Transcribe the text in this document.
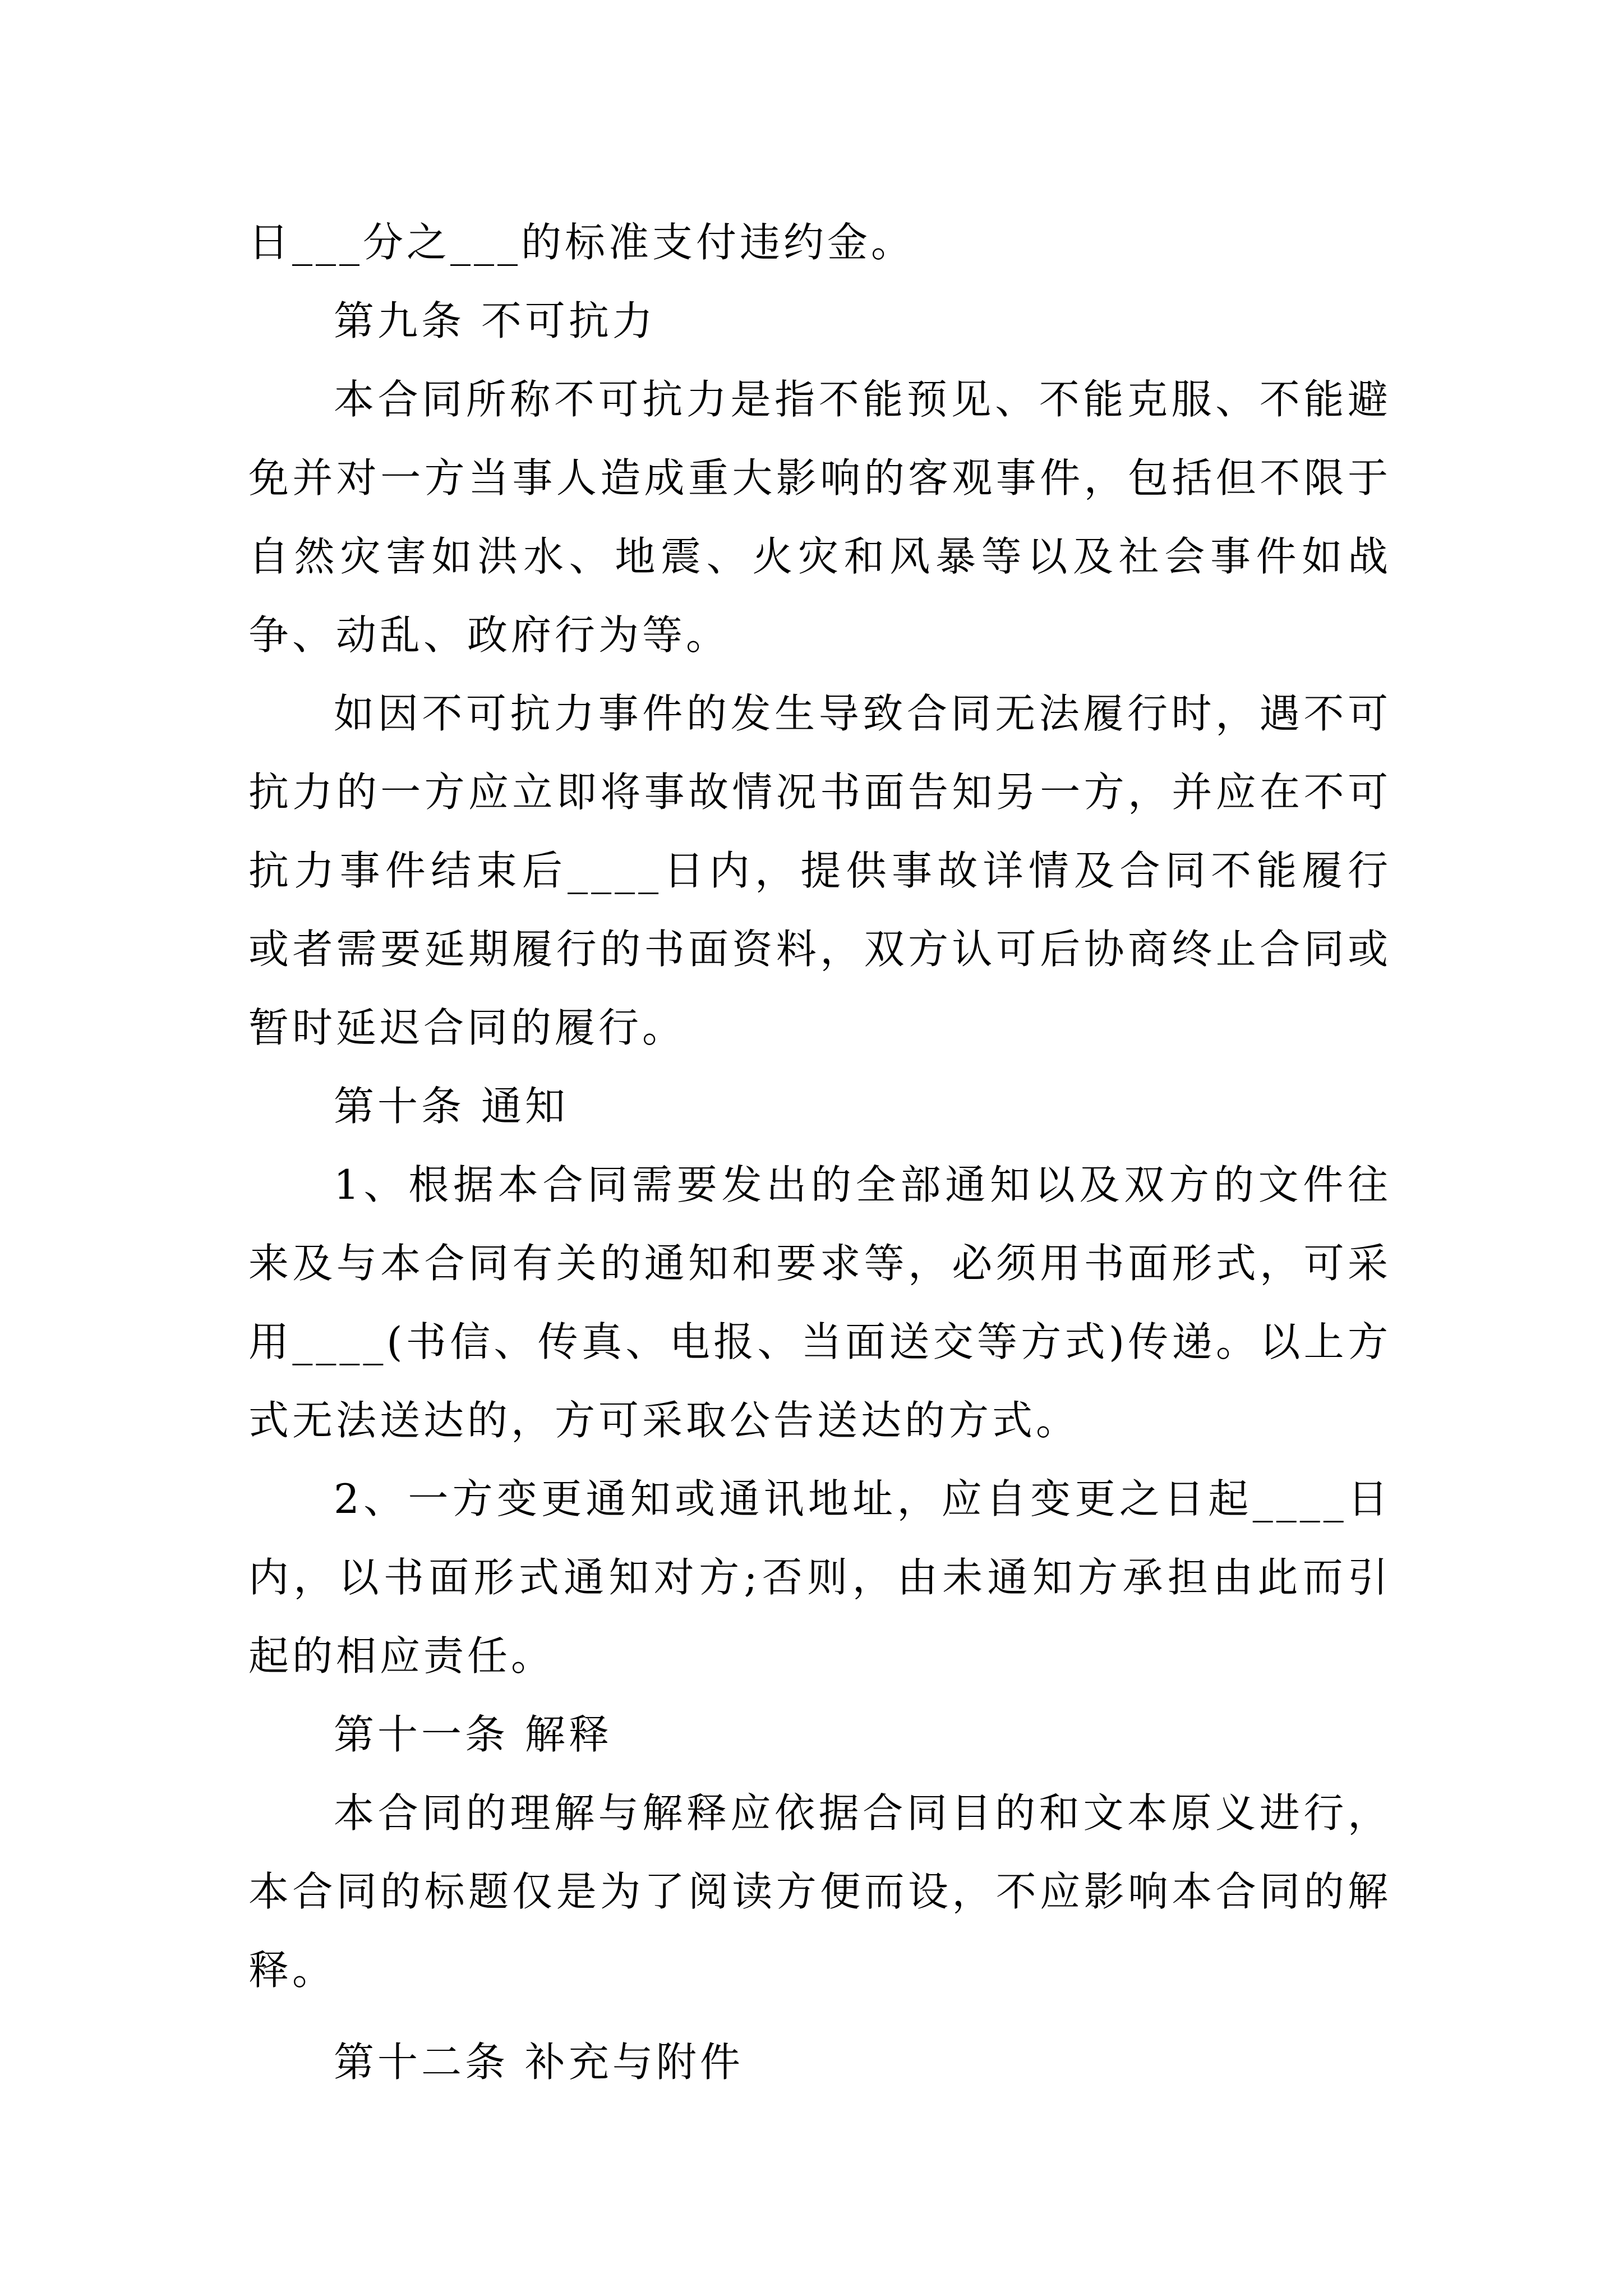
日___分之___的标准支付违约金。

第九条 不可抗力

本合同所称不可抗力是指不能预见、不能克服、不能避免并对一方当事人造成重大影响的客观事件，包括但不限于自然灾害如洪水、地震、火灾和风暴等以及社会事件如战争、动乱、政府行为等。

如因不可抗力事件的发生导致合同无法履行时，遇不可抗力的一方应立即将事故情况书面告知另一方，并应在不可抗力事件结束后____日内，提供事故详情及合同不能履行或者需要延期履行的书面资料，双方认可后协商终止合同或暂时延迟合同的履行。

第十条 通知

1、根据本合同需要发出的全部通知以及双方的文件往来及与本合同有关的通知和要求等，必须用书面形式，可采用____(书信、传真、电报、当面送交等方式)传递。以上方式无法送达的，方可采取公告送达的方式。

2、一方变更通知或通讯地址，应自变更之日起____日内，以书面形式通知对方;否则，由未通知方承担由此而引起的相应责任。

第十一条 解释

本合同的理解与解释应依据合同目的和文本原义进行，本合同的标题仅是为了阅读方便而设，不应影响本合同的解释。

第十二条 补充与附件
